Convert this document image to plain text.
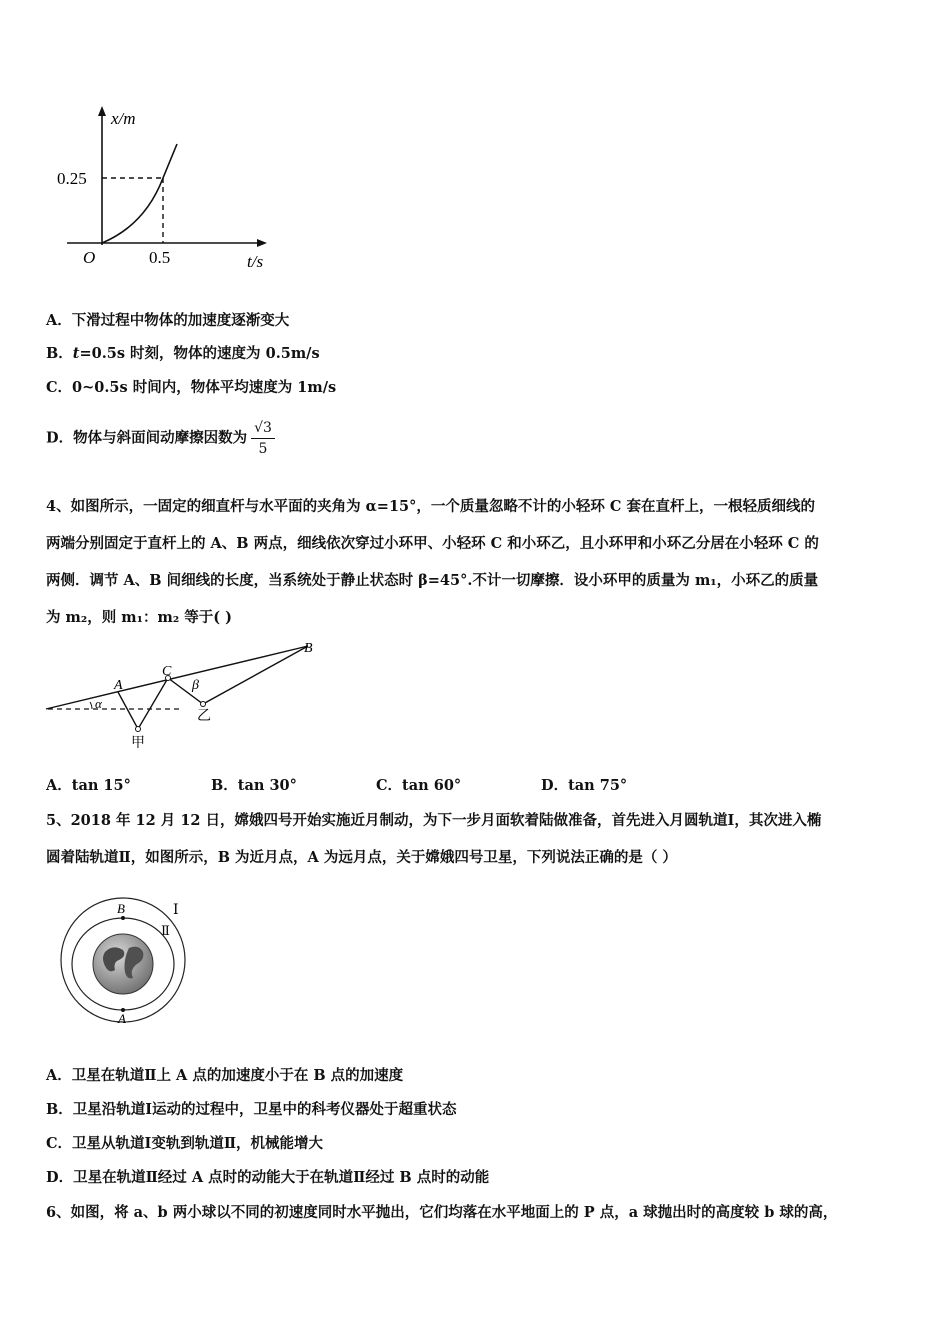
x/m
0.25
O	0.5	t/s
A．下滑过程中物体的加速度逐渐变大
B．t=0.5s 时刻，物体的速度为 0.5m/s
C．0~0.5s 时间内，物体平均速度为 1m/s
D．物体与斜面间动摩擦因数为 $\frac{√3}{5}$
4、如图所示，一固定的细直杆与水平面的夹角为 α=15°，一个质量忽略不计的小轻环 C 套在直杆上，一根轻质细线的
两端分别固定于直杆上的 A、B 两点，细线依次穿过小环甲、小轻环 C 和小环乙，且小环甲和小环乙分居在小轻环 C 的
两侧．调节 A、B 间细线的长度，当系统处于静止状态时 β=45°.不计一切摩擦．设小环甲的质量为 m₁，小环乙的质量
为 m₂，则 m₁：m₂ 等于( )
A
C
B
β
α
甲
乙
A．tan 15°	B．tan 30°	C．tan 60°	D．tan 75°
5、2018 年 12 月 12 日，嫦娥四号开始实施近月制动，为下一步月面软着陆做准备，首先进入月圆轨道Ⅰ，其次进入椭
圆着陆轨道Ⅱ，如图所示，B 为近月点，A 为远月点，关于嫦娥四号卫星，下列说法正确的是（ ）
B
A
Ⅰ
Ⅱ
A．卫星在轨道Ⅱ上 A 点的加速度小于在 B 点的加速度
B．卫星沿轨道Ⅰ运动的过程中，卫星中的科考仪器处于超重状态
C．卫星从轨道Ⅰ变轨到轨道Ⅱ，机械能增大
D．卫星在轨道Ⅱ经过 A 点时的动能大于在轨道Ⅱ经过 B 点时的动能
6、如图，将 a、b 两小球以不同的初速度同时水平抛出，它们均落在水平地面上的 P 点，a 球抛出时的高度较 b 球的高，
